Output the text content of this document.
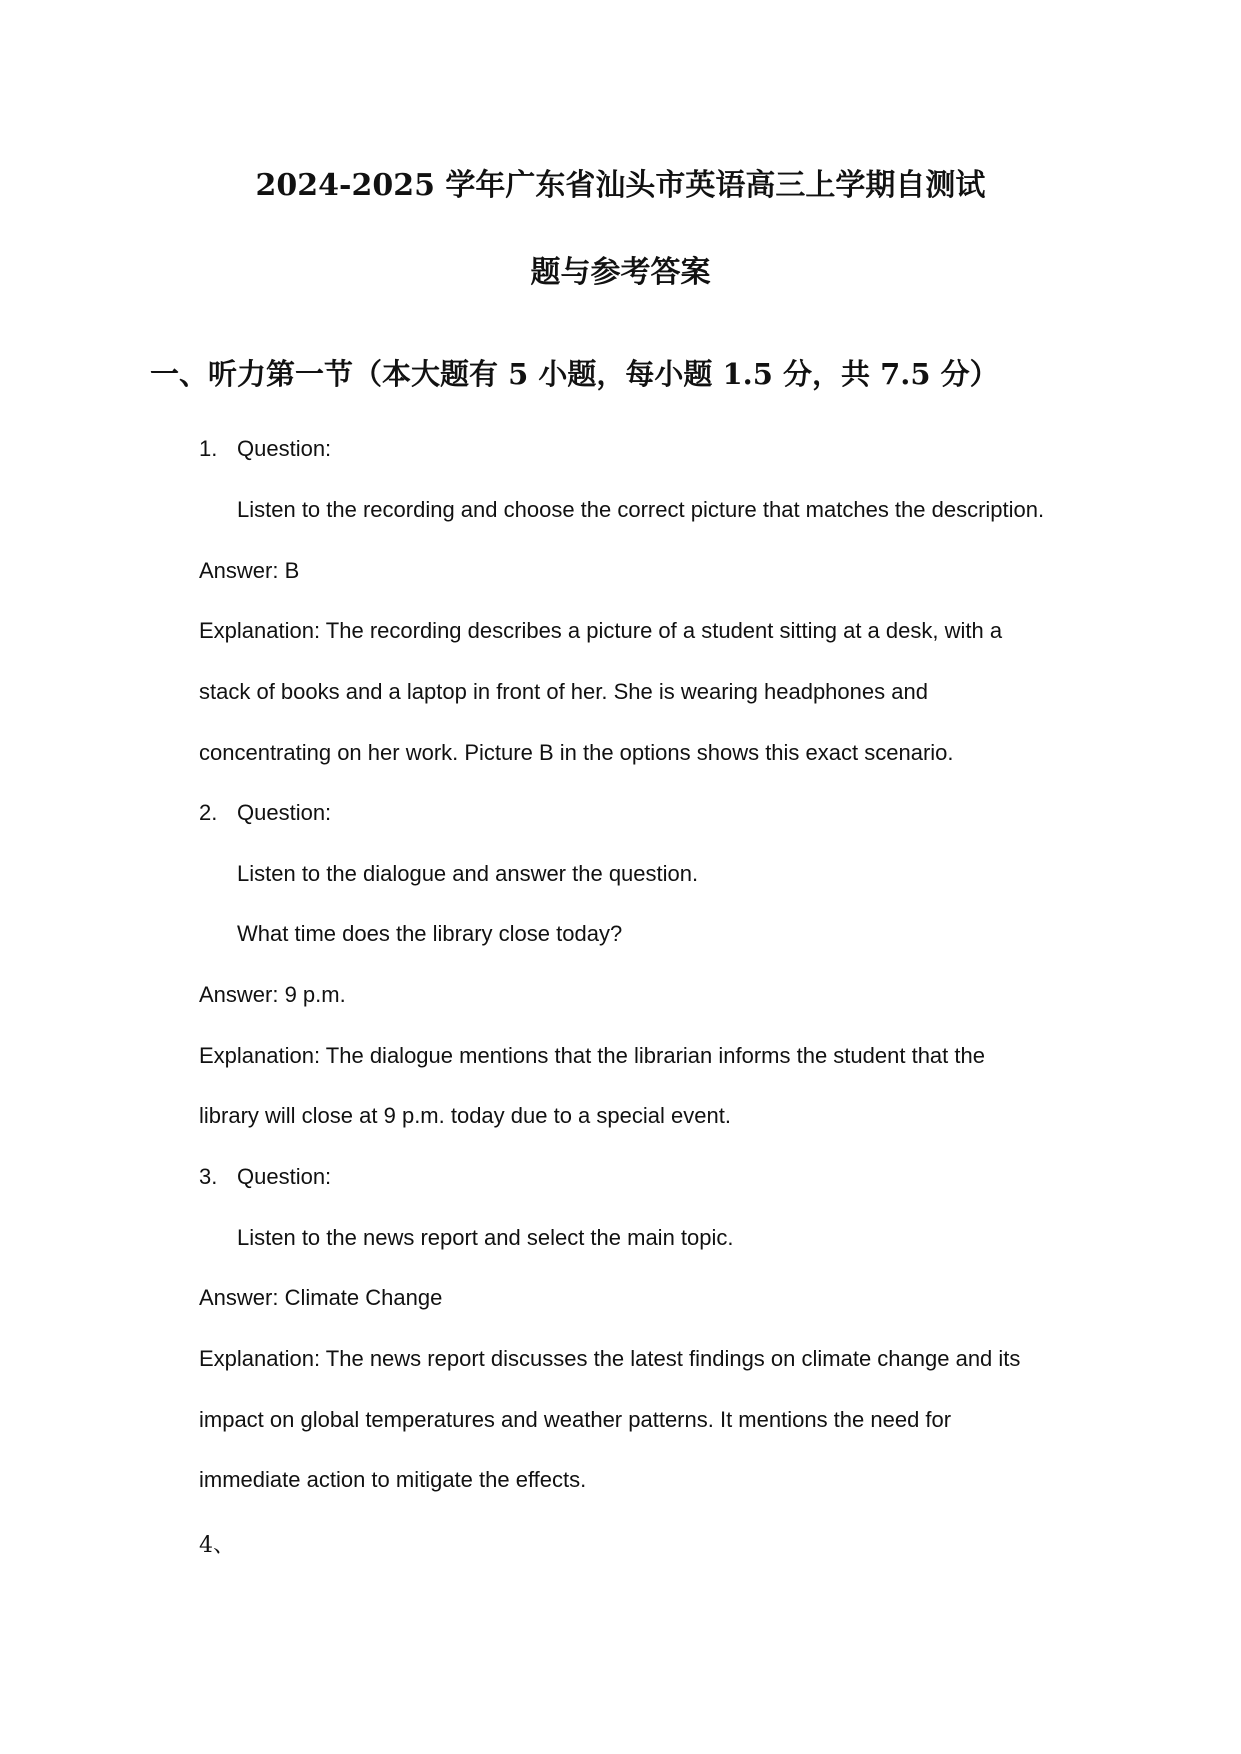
2024-2025 学年广东省汕头市英语高三上学期自测试
题与参考答案
一、听力第一节（本大题有 5 小题，每小题 1.5 分，共 7.5 分）
1. Question:
Listen to the recording and choose the correct picture that matches the description.
Answer: B
Explanation: The recording describes a picture of a student sitting at a desk, with a
stack of books and a laptop in front of her. She is wearing headphones and
concentrating on her work. Picture B in the options shows this exact scenario.
2. Question:
Listen to the dialogue and answer the question.
What time does the library close today?
Answer: 9 p.m.
Explanation: The dialogue mentions that the librarian informs the student that the
library will close at 9 p.m. today due to a special event.
3. Question:
Listen to the news report and select the main topic.
Answer: Climate Change
Explanation: The news report discusses the latest findings on climate change and its
impact on global temperatures and weather patterns. It mentions the need for
immediate action to mitigate the effects.
4、
